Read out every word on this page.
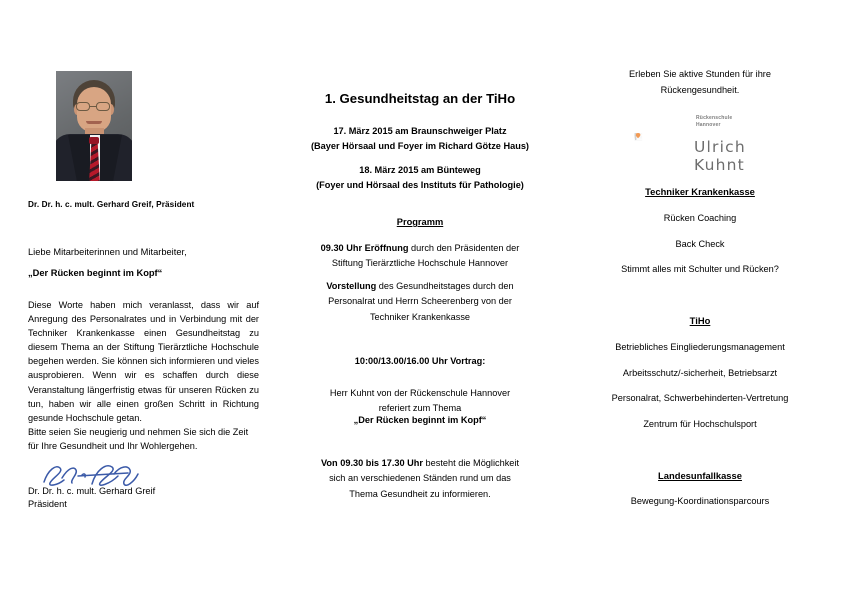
Dr. Dr. h. c. mult. Gerhard Greif, Präsident
Liebe Mitarbeiterinnen und Mitarbeiter,
„Der Rücken beginnt im Kopf“

Diese Worte haben mich veranlasst, dass wir auf Anregung des Personalrates und in Verbindung mit der Techniker Krankenkasse einen Gesundheitstag zu diesem Thema an der Stiftung Tierärztliche Hochschule begehen werden. Sie können sich informieren und vieles ausprobieren. Wenn wir es schaffen durch diese Veranstaltung längerfristig etwas für unseren Rücken zu tun, haben wir alle einen großen Schritt in Richtung gesunde Hochschule getan.

Bitte seien Sie neugierig und nehmen Sie sich die Zeit für Ihre Gesundheit und Ihr Wohlergehen.

Dr. Dr. h. c. mult. Gerhard Greif
Präsident
1. Gesundheitstag an der TiHo
17. März 2015 am Braunschweiger Platz
(Bayer Hörsaal und Foyer im Richard Götze Haus)
18. März 2015 am Bünteweg
(Foyer und Hörsaal des Instituts für Pathologie)
Programm
09.30 Uhr Eröffnung durch den Präsidenten der
Stiftung Tierärztliche Hochschule Hannover
Vorstellung des Gesundheitstages durch den
Personalrat und Herrn Scheerenberg von der
Techniker Krankenkasse
10:00/13.00/16.00 Uhr Vortrag:
Herr Kuhnt von der Rückenschule Hannover
referiert zum Thema
„Der Rücken beginnt im Kopf“
Von 09.30 bis 17.30 Uhr besteht die Möglichkeit
sich an verschiedenen Ständen rund um das
Thema Gesundheit zu informieren.
Erleben Sie aktive Stunden für ihre
Rückengesundheit.
Rückenschule
Hannover
Ulrich Kuhnt
Techniker Krankenkasse
Rücken Coaching
Back Check
Stimmt alles mit Schulter und Rücken?
TiHo
Betriebliches Eingliederungsmanagement
Arbeitsschutz/-sicherheit, Betriebsarzt
Personalrat, Schwerbehinderten-Vertretung
Zentrum für Hochschulsport
Landesunfallkasse
Bewegung-Koordinationsparcours
